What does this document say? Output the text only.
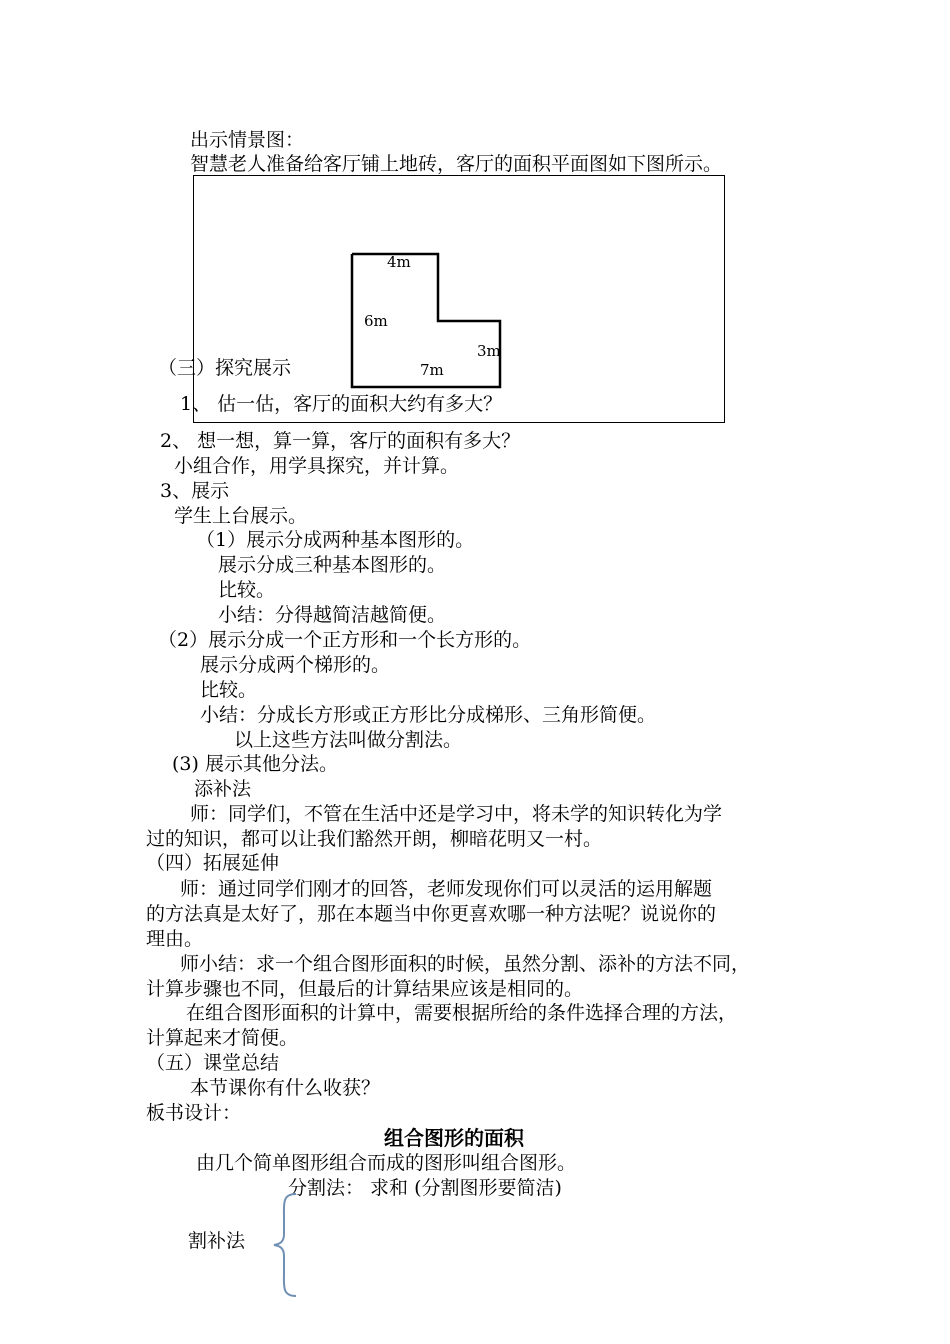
出示情景图：
智慧老人准备给客厅铺上地砖，客厅的面积平面图如下图所示。
4m
6m
3m
7m
（三）探究展示
1、 估一估，客厅的面积大约有多大？
2、 想一想，算一算，客厅的面积有多大？
小组合作，用学具探究，并计算。
3、展示
学生上台展示。
（1）展示分成两种基本图形的。
展示分成三种基本图形的。
比较。
小结：分得越简洁越简便。
（2）展示分成一个正方形和一个长方形的。
展示分成两个梯形的。
比较。
小结：分成长方形或正方形比分成梯形、三角形简便。
以上这些方法叫做分割法。
(3) 展示其他分法。
添补法
师：同学们，不管在生活中还是学习中，将未学的知识转化为学
过的知识，都可以让我们豁然开朗，柳暗花明又一村。
（四）拓展延伸
师：通过同学们刚才的回答，老师发现你们可以灵活的运用解题
的方法真是太好了，那在本题当中你更喜欢哪一种方法呢？说说你的
理由。
师小结：求一个组合图形面积的时候，虽然分割、添补的方法不同，
计算步骤也不同，但最后的计算结果应该是相同的。
在组合图形面积的计算中，需要根据所给的条件选择合理的方法，
计算起来才简便。
（五）课堂总结
本节课你有什么收获？
板书设计：
组合图形的面积
由几个简单图形组合而成的图形叫组合图形。
分割法： 求和 (分割图形要简洁)
割补法
